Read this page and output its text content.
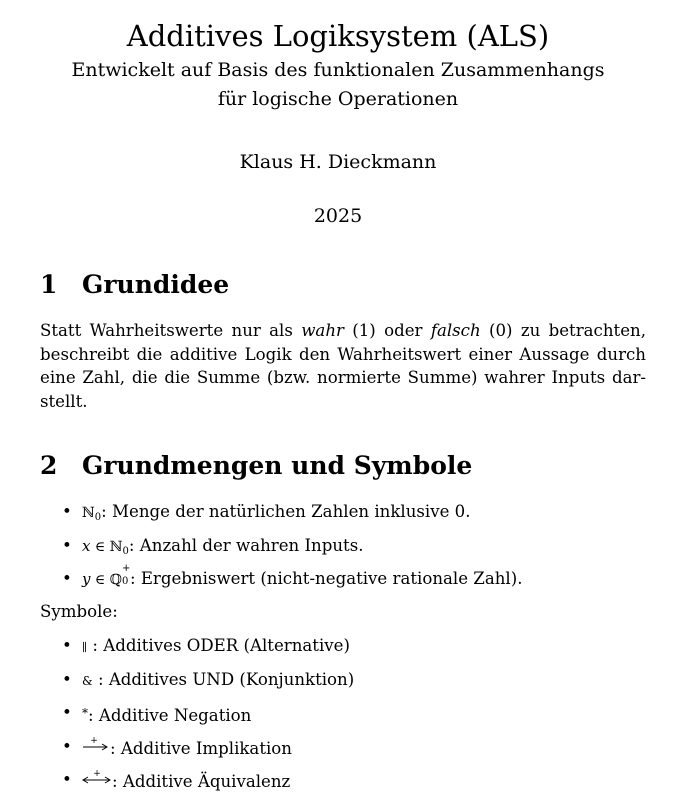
Additives Logiksystem (ALS)
Entwickelt auf Basis des funktionalen Zusammenhangs
für logische Operationen
Klaus H. Dieckmann
2025
1 Grundidee
Statt Wahrheitswerte nur als wahr (1) oder falsch (0) zu betrachten, beschreibt die additive Logik den Wahrheitswert einer Aussage durch eine Zahl, die die Summe (bzw. normierte Summe) wahrer Inputs dar-stellt.
2 Grundmengen und Symbole
• ℕ$_0$: Menge der natürlichen Zahlen inklusive 0.
• x ∈ ℕ$_0$: Anzahl der wahren Inputs.
• y ∈ ℚ
+
0 : Ergebniswert (nicht-negative rationale Zahl).
Symbole:
• ∥ : Additives ODER (Alternative)
• & : Additives UND (Konjunktion)
• *: Additive Negation
• + : Additive Implikation
• + : Additive Äquivalenz
